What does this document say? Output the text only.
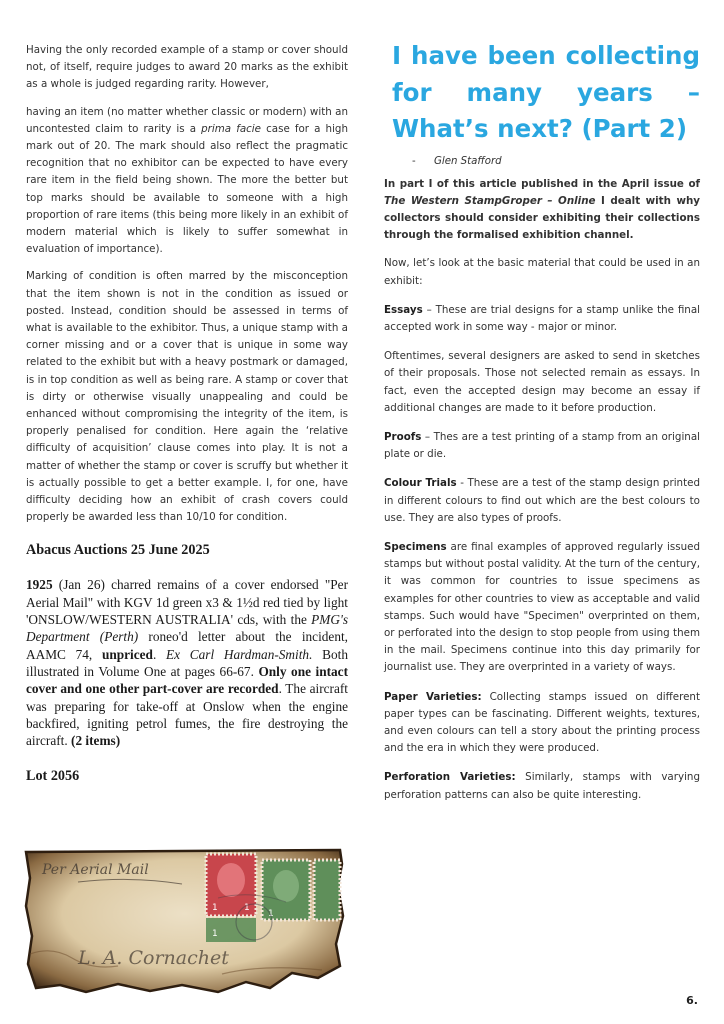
Having the only recorded example of a stamp or cover should not, of itself, require judges to award 20 marks as the exhibit as a whole is judged regarding rarity. However,

having an item (no matter whether classic or modern) with an uncontested claim to rarity is a prima facie case for a high mark out of 20. The mark should also reflect the pragmatic recognition that no exhibitor can be expected to have every rare item in the field being shown. The more the better but top marks should be available to someone with a high proportion of rare items (this being more likely in an exhibit of modern material which is likely to suffer somewhat in evaluation of importance).

Marking of condition is often marred by the misconception that the item shown is not in the condition as issued or posted. Instead, condition should be assessed in terms of what is available to the exhibitor. Thus, a unique stamp with a corner missing and or a cover that is unique in some way related to the exhibit but with a heavy postmark or damaged, is in top condition as well as being rare. A stamp or cover that is dirty or otherwise visually unappealing and could be enhanced without compromising the integrity of the item, is properly penalised for condition. Here again the ‘relative difficulty of acquisition’ clause comes into play. It is not a matter of whether the stamp or cover is scruffy but whether it is actually possible to get a better example. I, for one, have difficulty deciding how an exhibit of crash covers could properly be awarded less than 10/10 for condition.

Abacus Auctions 25 June 2025

1925 (Jan 26) charred remains of a cover endorsed "Per Aerial Mail" with KGV 1d green x3 & 1½d red tied by light 'ONSLOW/WESTERN AUSTRALIA' cds, with the PMG's Department (Perth) roneo'd letter about the incident, AAMC 74, unpriced. Ex Carl Hardman-Smith. Both illustrated in Volume One at pages 66-67. Only one intact cover and one other part-cover are recorded. The aircraft was preparing for take-off at Onslow when the engine backfired, igniting petrol fumes, the fire destroying the aircraft. (2 items)

Lot 2056
Per Aerial Mail
L. A. Cornachet
1	1
1
1
I have been collecting for many years – What’s next? (Part 2)

- Glen Stafford

In part I of this article published in the April issue of The Western StampGroper – Online I dealt with why collectors should consider exhibiting their collections through the formalised exhibition channel.

Now, let’s look at the basic material that could be used in an exhibit:

Essays – These are trial designs for a stamp unlike the final accepted work in some way - major or minor.

Oftentimes, several designers are asked to send in sketches of their proposals. Those not selected remain as essays. In fact, even the accepted design may become an essay if additional changes are made to it before production.

Proofs – Thes are a test printing of a stamp from an original plate or die.

Colour Trials - These are a test of the stamp design printed in different colours to find out which are the best colours to use. They are also types of proofs.

Specimens are final examples of approved regularly issued stamps but without postal validity. At the turn of the century, it was common for countries to issue specimens as examples for other countries to view as acceptable and valid stamps. Such would have "Specimen" overprinted on them, or perforated into the design to stop people from using them in the mail. Specimens continue into this day primarily for journalist use. They are overprinted in a variety of ways.

Paper Varieties: Collecting stamps issued on different paper types can be fascinating. Different weights, textures, and even colours can tell a story about the printing process and the era in which they were produced.

Perforation Varieties: Similarly, stamps with varying perforation patterns can also be quite interesting.

6.
